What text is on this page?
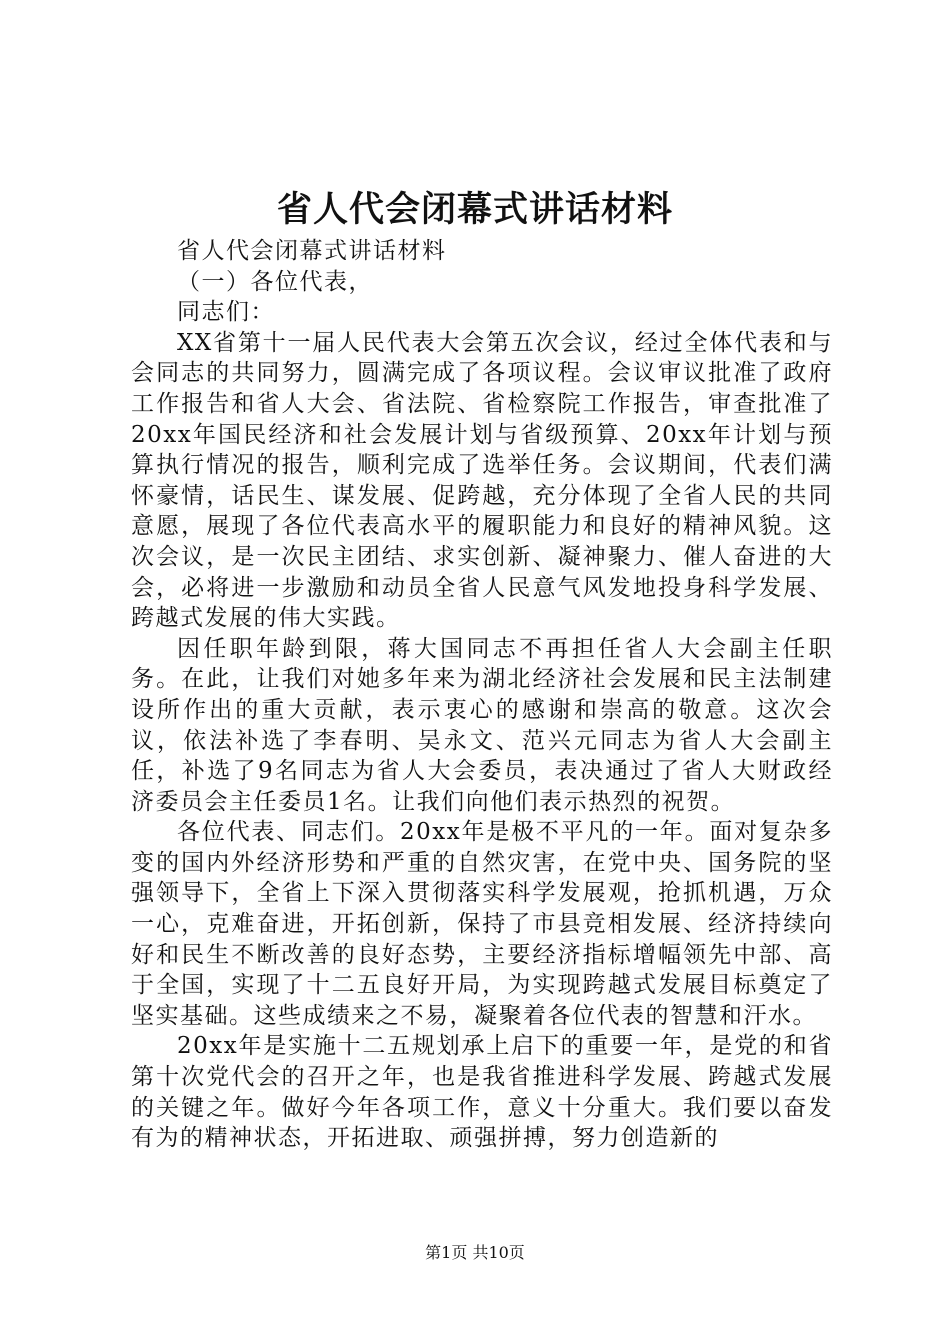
省人代会闭幕式讲话材料

省人代会闭幕式讲话材料

（一）各位代表，

同志们：

XX省第十一届人民代表大会第五次会议，经过全体代表和与会同志的共同努力，圆满完成了各项议程。会议审议批准了政府工作报告和省人大会、省法院、省检察院工作报告，审查批准了20xx年国民经济和社会发展计划与省级预算、20xx年计划与预算执行情况的报告，顺利完成了选举任务。会议期间，代表们满怀豪情，话民生、谋发展、促跨越，充分体现了全省人民的共同意愿，展现了各位代表高水平的履职能力和良好的精神风貌。这次会议，是一次民主团结、求实创新、凝神聚力、催人奋进的大会，必将进一步激励和动员全省人民意气风发地投身科学发展、跨越式发展的伟大实践。

因任职年龄到限，蒋大国同志不再担任省人大会副主任职务。在此，让我们对她多年来为湖北经济社会发展和民主法制建设所作出的重大贡献，表示衷心的感谢和崇高的敬意。这次会议，依法补选了李春明、吴永文、范兴元同志为省人大会副主任，补选了9名同志为省人大会委员，表决通过了省人大财政经济委员会主任委员1名。让我们向他们表示热烈的祝贺。

各位代表、同志们。20xx年是极不平凡的一年。面对复杂多变的国内外经济形势和严重的自然灾害，在党中央、国务院的坚强领导下，全省上下深入贯彻落实科学发展观，抢抓机遇，万众一心，克难奋进，开拓创新，保持了市县竞相发展、经济持续向好和民生不断改善的良好态势，主要经济指标增幅领先中部、高于全国，实现了十二五良好开局，为实现跨越式发展目标奠定了坚实基础。这些成绩来之不易，凝聚着各位代表的智慧和汗水。

20xx年是实施十二五规划承上启下的重要一年，是党的和省第十次党代会的召开之年，也是我省推进科学发展、跨越式发展的关键之年。做好今年各项工作，意义十分重大。我们要以奋发有为的精神状态，开拓进取、顽强拼搏，努力创造新的

第1页 共10页
